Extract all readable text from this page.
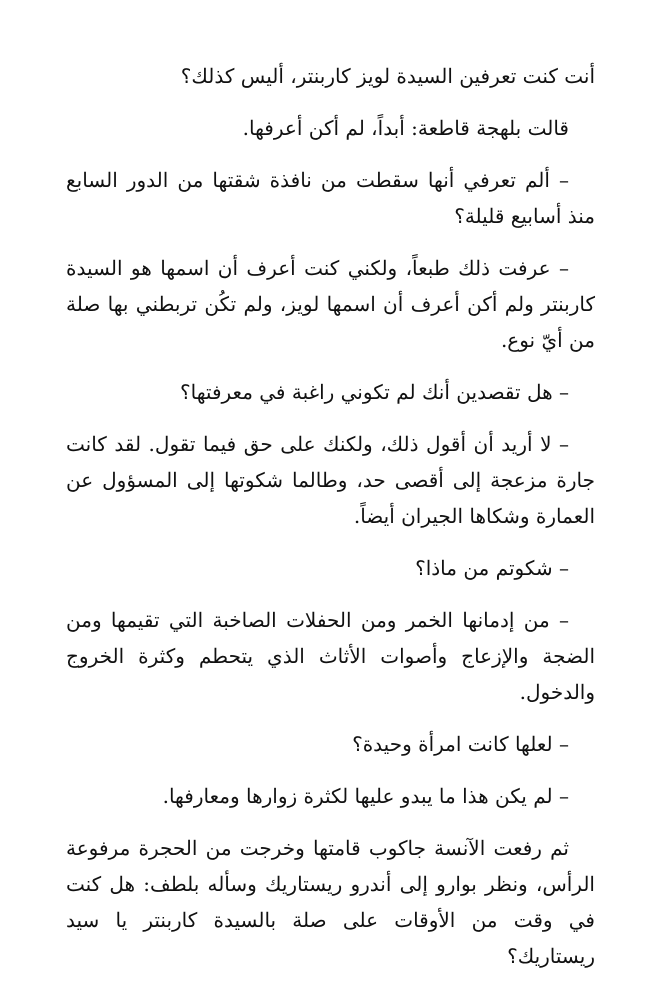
أنت كنت تعرفين السيدة لويز كاربنتر، أليس كذلك؟

قالت بلهجة قاطعة: أبداً، لم أكن أعرفها.

– ألم تعرفي أنها سقطت من نافذة شقتها من الدور السابع منذ أسابيع قليلة؟

– عرفت ذلك طبعاً، ولكني كنت أعرف أن اسمها هو السيدة كاربنتر ولم أكن أعرف أن اسمها لويز، ولم تكُن تربطني بها صلة من أيّ نوع.

– هل تقصدين أنك لم تكوني راغبة في معرفتها؟

– لا أريد أن أقول ذلك، ولكنك على حق فيما تقول. لقد كانت جارة مزعجة إلى أقصى حد، وطالما شكوتها إلى المسؤول عن العمارة وشكاها الجيران أيضاً.

– شكوتم من ماذا؟

– من إدمانها الخمر ومن الحفلات الصاخبة التي تقيمها ومن الضجة والإزعاج وأصوات الأثاث الذي يتحطم وكثرة الخروج والدخول.

– لعلها كانت امرأة وحيدة؟

– لم يكن هذا ما يبدو عليها لكثرة زوارها ومعارفها.

ثم رفعت الآنسة جاكوب قامتها وخرجت من الحجرة مرفوعة الرأس، ونظر بوارو إلى أندرو ريستاريك وسأله بلطف: هل كنت في وقت من الأوقات على صلة بالسيدة كاربنتر يا سيد ريستاريك؟
